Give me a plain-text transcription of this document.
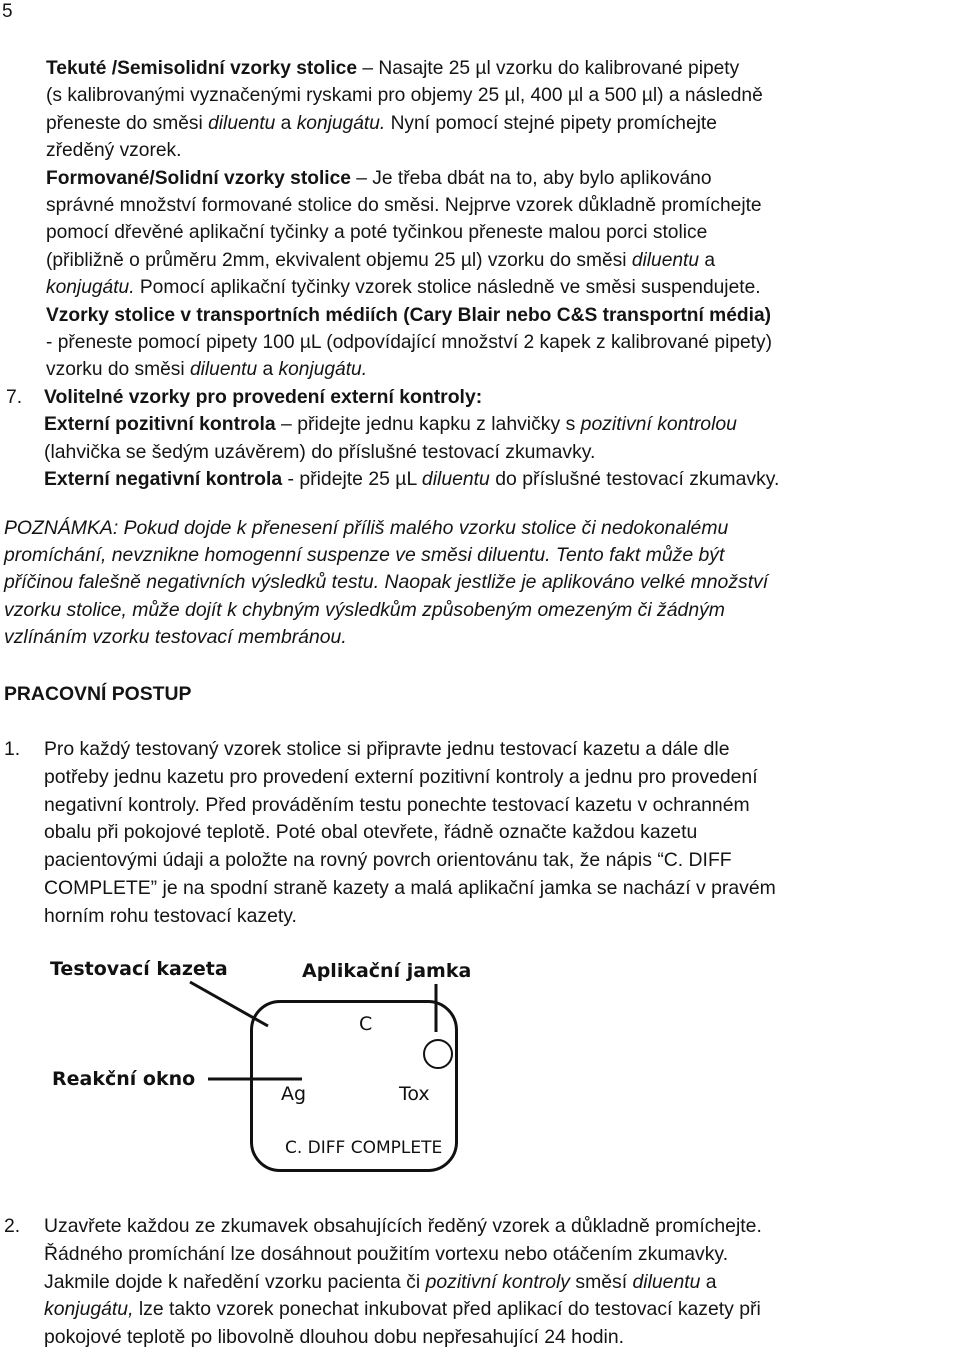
5
Tekuté /Semisolidní vzorky stolice – Nasajte 25 µl vzorku do kalibrované pipety
(s kalibrovanými vyznačenými ryskami pro objemy 25 µl, 400 µl a 500 µl) a následně
přeneste do směsi diluentu a konjugátu. Nyní pomocí stejné pipety promíchejte
zředěný vzorek.
Formované/Solidní vzorky stolice – Je třeba dbát na to, aby bylo aplikováno
správné množství formované stolice do směsi. Nejprve vzorek důkladně promíchejte
pomocí dřevěné aplikační tyčinky a poté tyčinkou přeneste malou porci stolice
(přibližně o průměru 2mm, ekvivalent objemu 25 µl) vzorku do směsi diluentu a
konjugátu. Pomocí aplikační tyčinky vzorek stolice následně ve směsi suspendujete.
Vzorky stolice v transportních médiích (Cary Blair nebo C&S transportní média)
- přeneste pomocí pipety 100 µL (odpovídající množství 2 kapek z kalibrované pipety)
vzorku do směsi diluentu a konjugátu.
7. Volitelné vzorky pro provedení externí kontroly:
Externí pozitivní kontrola – přidejte jednu kapku z lahvičky s pozitivní kontrolou
(lahvička se šedým uzávěrem) do příslušné testovací zkumavky.
Externí negativní kontrola - přidejte 25 µL diluentu do příslušné testovací zkumavky.
POZNÁMKA: Pokud dojde k přenesení příliš malého vzorku stolice či nedokonalému
promíchání, nevznikne homogenní suspenze ve směsi diluentu. Tento fakt může být
příčinou falešně negativních výsledků testu. Naopak jestliže je aplikováno velké množství
vzorku stolice, může dojít k chybným výsledkům způsobeným omezeným či žádným
vzlínáním vzorku testovací membránou.
PRACOVNÍ POSTUP
1. Pro každý testovaný vzorek stolice si připravte jednu testovací kazetu a dále dle
potřeby jednu kazetu pro provedení externí pozitivní kontroly a jednu pro provedení
negativní kontroly. Před prováděním testu ponechte testovací kazetu v ochranném
obalu při pokojové teplotě. Poté obal otevřete, řádně označte každou kazetu
pacientovými údaji a položte na rovný povrch orientovánu tak, že nápis “C. DIFF
COMPLETE” je na spodní straně kazety a malá aplikační jamka se nachází v pravém
horním rohu testovací kazety.
Testovací kazeta	Aplikační jamka
Reakční okno
C
Ag	Tox
C. DIFF COMPLETE
2. Uzavřete každou ze zkumavek obsahujících ředěný vzorek a důkladně promíchejte.
Řádného promíchání lze dosáhnout použitím vortexu nebo otáčením zkumavky.
Jakmile dojde k naředění vzorku pacienta či pozitivní kontroly směsí diluentu a
konjugátu, lze takto vzorek ponechat inkubovat před aplikací do testovací kazety při
pokojové teplotě po libovolně dlouhou dobu nepřesahující 24 hodin.
